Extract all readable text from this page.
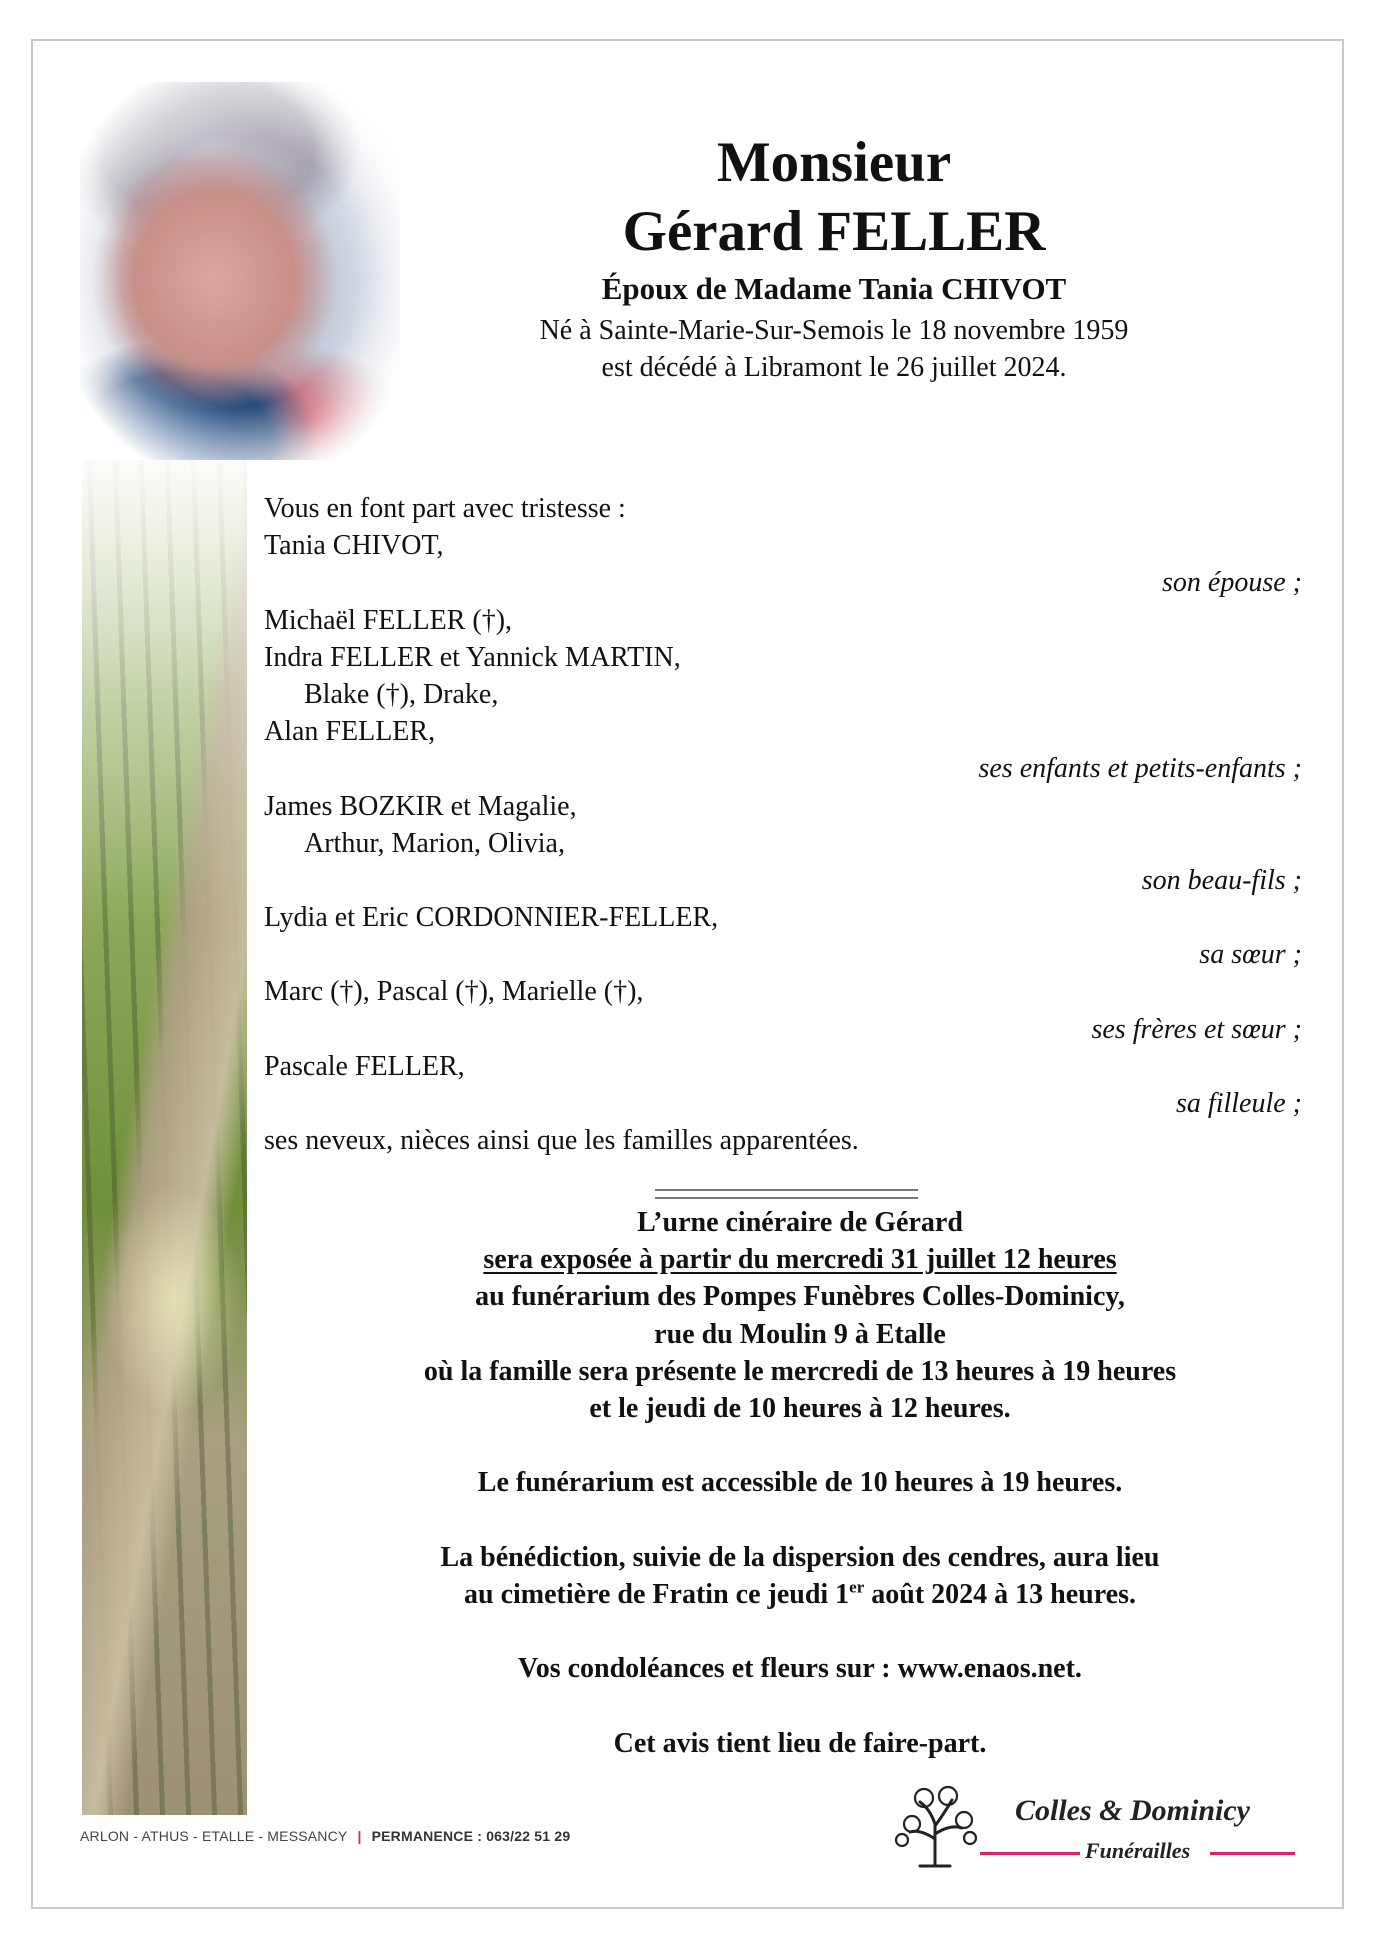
Monsieur
Gérard FELLER
Époux de Madame Tania CHIVOT
Né à Sainte-Marie-Sur-Semois le 18 novembre 1959
est décédé à Libramont le 26 juillet 2024.
Vous en font part avec tristesse :
Tania CHIVOT,
son épouse ;
Michaël FELLER (†),
Indra FELLER et Yannick MARTIN,
Blake (†), Drake,
Alan FELLER,
ses enfants et petits-enfants ;
James BOZKIR et Magalie,
Arthur, Marion, Olivia,
son beau-fils ;
Lydia et Eric CORDONNIER-FELLER,
sa sœur ;
Marc (†), Pascal (†), Marielle (†),
ses frères et sœur ;
Pascale FELLER,
sa filleule ;
ses neveux, nièces ainsi que les familles apparentées.
L’urne cinéraire de Gérard
sera exposée à partir du mercredi 31 juillet 12 heures
au funérarium des Pompes Funèbres Colles-Dominicy,
rue du Moulin 9 à Etalle
où la famille sera présente le mercredi de 13 heures à 19 heures
et le jeudi de 10 heures à 12 heures.
Le funérarium est accessible de 10 heures à 19 heures.
La bénédiction, suivie de la dispersion des cendres, aura lieu
au cimetière de Fratin ce jeudi 1er août 2024 à 13 heures.
Vos condoléances et fleurs sur : www.enaos.net.
Cet avis tient lieu de faire-part.
ARLON - ATHUS - ETALLE - MESSANCY | PERMANENCE : 063/22 51 29
Colles & Dominicy
Funérailles
